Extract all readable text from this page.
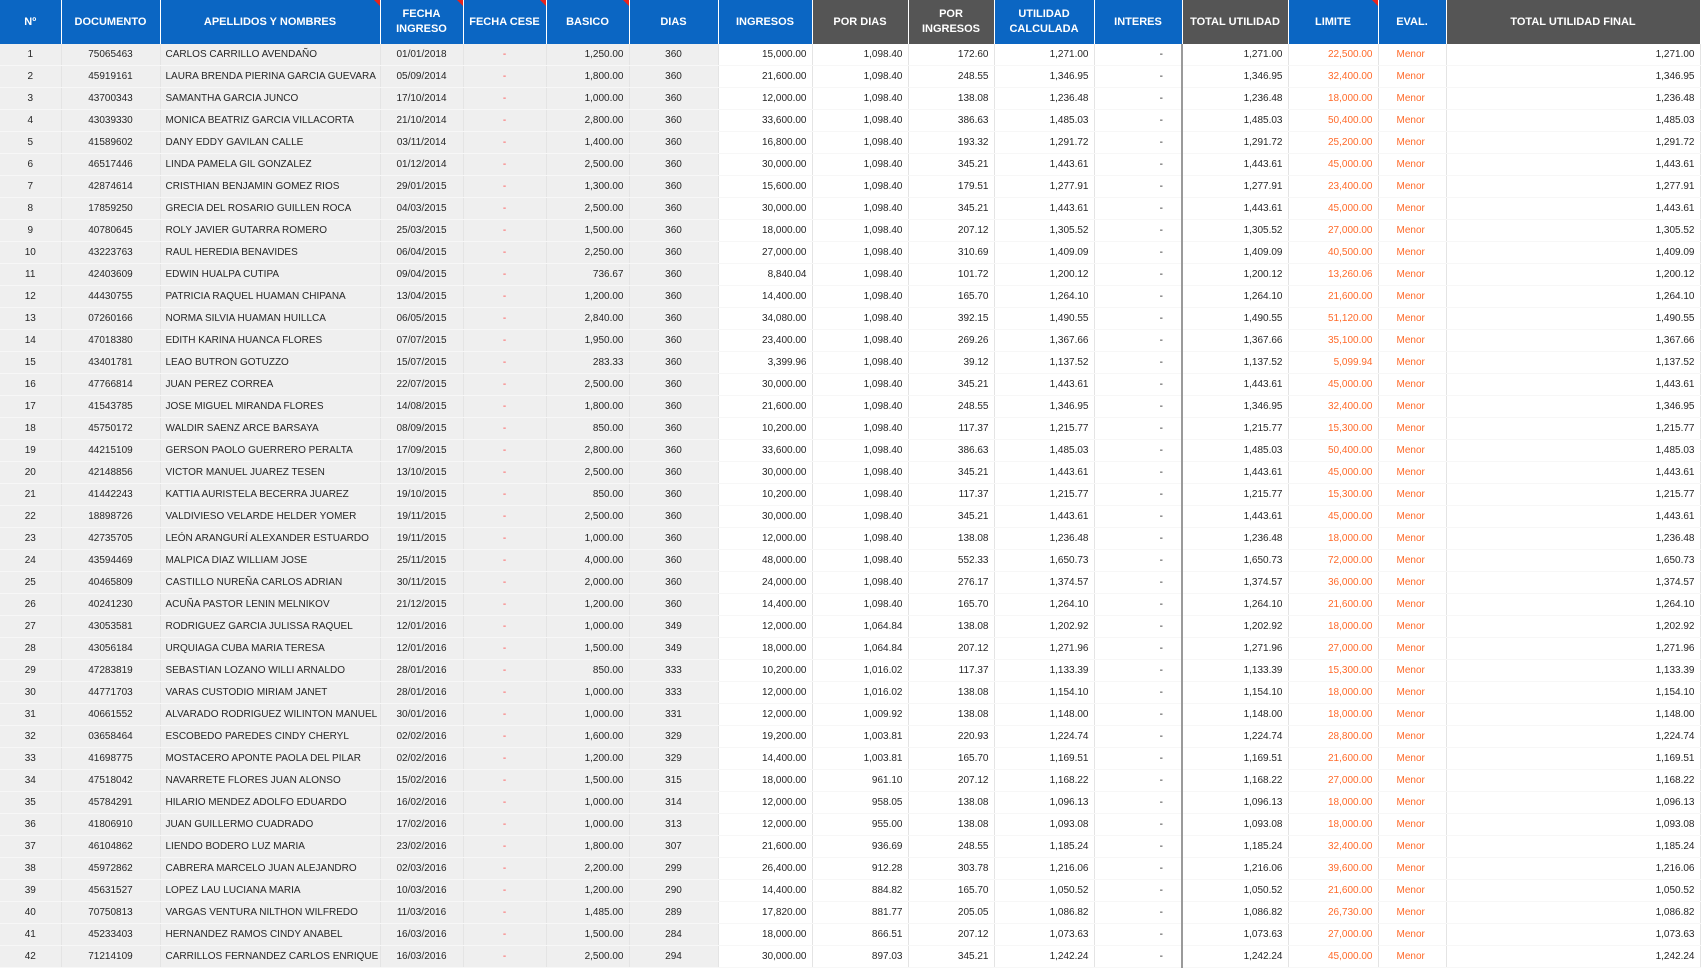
Nº	DOCUMENTO	APELLIDOS Y NOMBRES	FECHA INGRESO	FECHA CESE	BASICO	DIAS	INGRESOS	POR DIAS	POR INGRESOS	UTILIDAD CALCULADA	INTERES	TOTAL UTILIDAD	LIMITE	EVAL.	TOTAL UTILIDAD FINAL
1	75065463	CARLOS CARRILLO AVENDAÑO	01/01/2018	-	1,250.00	360	15,000.00	1,098.40	172.60	1,271.00	-	1,271.00	22,500.00	Menor	1,271.00
2	45919161	LAURA BRENDA PIERINA GARCIA GUEVARA	05/09/2014	-	1,800.00	360	21,600.00	1,098.40	248.55	1,346.95	-	1,346.95	32,400.00	Menor	1,346.95
3	43700343	SAMANTHA GARCIA JUNCO	17/10/2014	-	1,000.00	360	12,000.00	1,098.40	138.08	1,236.48	-	1,236.48	18,000.00	Menor	1,236.48
4	43039330	MONICA BEATRIZ GARCIA VILLACORTA	21/10/2014	-	2,800.00	360	33,600.00	1,098.40	386.63	1,485.03	-	1,485.03	50,400.00	Menor	1,485.03
5	41589602	DANY EDDY GAVILAN CALLE	03/11/2014	-	1,400.00	360	16,800.00	1,098.40	193.32	1,291.72	-	1,291.72	25,200.00	Menor	1,291.72
6	46517446	LINDA PAMELA GIL GONZALEZ	01/12/2014	-	2,500.00	360	30,000.00	1,098.40	345.21	1,443.61	-	1,443.61	45,000.00	Menor	1,443.61
7	42874614	CRISTHIAN BENJAMIN GOMEZ RIOS	29/01/2015	-	1,300.00	360	15,600.00	1,098.40	179.51	1,277.91	-	1,277.91	23,400.00	Menor	1,277.91
8	17859250	GRECIA DEL ROSARIO GUILLEN ROCA	04/03/2015	-	2,500.00	360	30,000.00	1,098.40	345.21	1,443.61	-	1,443.61	45,000.00	Menor	1,443.61
9	40780645	ROLY JAVIER GUTARRA ROMERO	25/03/2015	-	1,500.00	360	18,000.00	1,098.40	207.12	1,305.52	-	1,305.52	27,000.00	Menor	1,305.52
10	43223763	RAUL HEREDIA BENAVIDES	06/04/2015	-	2,250.00	360	27,000.00	1,098.40	310.69	1,409.09	-	1,409.09	40,500.00	Menor	1,409.09
11	42403609	EDWIN HUALPA CUTIPA	09/04/2015	-	736.67	360	8,840.04	1,098.40	101.72	1,200.12	-	1,200.12	13,260.06	Menor	1,200.12
12	44430755	PATRICIA RAQUEL HUAMAN CHIPANA	13/04/2015	-	1,200.00	360	14,400.00	1,098.40	165.70	1,264.10	-	1,264.10	21,600.00	Menor	1,264.10
13	07260166	NORMA SILVIA HUAMAN HUILLCA	06/05/2015	-	2,840.00	360	34,080.00	1,098.40	392.15	1,490.55	-	1,490.55	51,120.00	Menor	1,490.55
14	47018380	EDITH KARINA HUANCA FLORES	07/07/2015	-	1,950.00	360	23,400.00	1,098.40	269.26	1,367.66	-	1,367.66	35,100.00	Menor	1,367.66
15	43401781	LEAO BUTRON GOTUZZO	15/07/2015	-	283.33	360	3,399.96	1,098.40	39.12	1,137.52	-	1,137.52	5,099.94	Menor	1,137.52
16	47766814	JUAN PEREZ CORREA	22/07/2015	-	2,500.00	360	30,000.00	1,098.40	345.21	1,443.61	-	1,443.61	45,000.00	Menor	1,443.61
17	41543785	JOSE MIGUEL MIRANDA FLORES	14/08/2015	-	1,800.00	360	21,600.00	1,098.40	248.55	1,346.95	-	1,346.95	32,400.00	Menor	1,346.95
18	45750172	WALDIR SAENZ ARCE BARSAYA	08/09/2015	-	850.00	360	10,200.00	1,098.40	117.37	1,215.77	-	1,215.77	15,300.00	Menor	1,215.77
19	44215109	GERSON PAOLO GUERRERO PERALTA	17/09/2015	-	2,800.00	360	33,600.00	1,098.40	386.63	1,485.03	-	1,485.03	50,400.00	Menor	1,485.03
20	42148856	VICTOR MANUEL JUAREZ TESEN	13/10/2015	-	2,500.00	360	30,000.00	1,098.40	345.21	1,443.61	-	1,443.61	45,000.00	Menor	1,443.61
21	41442243	KATTIA AURISTELA BECERRA JUAREZ	19/10/2015	-	850.00	360	10,200.00	1,098.40	117.37	1,215.77	-	1,215.77	15,300.00	Menor	1,215.77
22	18898726	VALDIVIESO VELARDE HELDER YOMER	19/11/2015	-	2,500.00	360	30,000.00	1,098.40	345.21	1,443.61	-	1,443.61	45,000.00	Menor	1,443.61
23	42735705	LEÓN ARANGURÍ ALEXANDER ESTUARDO	19/11/2015	-	1,000.00	360	12,000.00	1,098.40	138.08	1,236.48	-	1,236.48	18,000.00	Menor	1,236.48
24	43594469	MALPICA DIAZ WILLIAM JOSE	25/11/2015	-	4,000.00	360	48,000.00	1,098.40	552.33	1,650.73	-	1,650.73	72,000.00	Menor	1,650.73
25	40465809	CASTILLO NUREÑA CARLOS ADRIAN	30/11/2015	-	2,000.00	360	24,000.00	1,098.40	276.17	1,374.57	-	1,374.57	36,000.00	Menor	1,374.57
26	40241230	ACUÑA PASTOR LENIN MELNIKOV	21/12/2015	-	1,200.00	360	14,400.00	1,098.40	165.70	1,264.10	-	1,264.10	21,600.00	Menor	1,264.10
27	43053581	RODRIGUEZ GARCIA JULISSA RAQUEL	12/01/2016	-	1,000.00	349	12,000.00	1,064.84	138.08	1,202.92	-	1,202.92	18,000.00	Menor	1,202.92
28	43056184	URQUIAGA CUBA MARIA TERESA	12/01/2016	-	1,500.00	349	18,000.00	1,064.84	207.12	1,271.96	-	1,271.96	27,000.00	Menor	1,271.96
29	47283819	SEBASTIAN LOZANO WILLI ARNALDO	28/01/2016	-	850.00	333	10,200.00	1,016.02	117.37	1,133.39	-	1,133.39	15,300.00	Menor	1,133.39
30	44771703	VARAS CUSTODIO MIRIAM JANET	28/01/2016	-	1,000.00	333	12,000.00	1,016.02	138.08	1,154.10	-	1,154.10	18,000.00	Menor	1,154.10
31	40661552	ALVARADO RODRIGUEZ WILINTON MANUEL	30/01/2016	-	1,000.00	331	12,000.00	1,009.92	138.08	1,148.00	-	1,148.00	18,000.00	Menor	1,148.00
32	03658464	ESCOBEDO PAREDES CINDY CHERYL	02/02/2016	-	1,600.00	329	19,200.00	1,003.81	220.93	1,224.74	-	1,224.74	28,800.00	Menor	1,224.74
33	41698775	MOSTACERO APONTE PAOLA DEL PILAR	02/02/2016	-	1,200.00	329	14,400.00	1,003.81	165.70	1,169.51	-	1,169.51	21,600.00	Menor	1,169.51
34	47518042	NAVARRETE FLORES JUAN ALONSO	15/02/2016	-	1,500.00	315	18,000.00	961.10	207.12	1,168.22	-	1,168.22	27,000.00	Menor	1,168.22
35	45784291	HILARIO MENDEZ ADOLFO EDUARDO	16/02/2016	-	1,000.00	314	12,000.00	958.05	138.08	1,096.13	-	1,096.13	18,000.00	Menor	1,096.13
36	41806910	JUAN GUILLERMO CUADRADO	17/02/2016	-	1,000.00	313	12,000.00	955.00	138.08	1,093.08	-	1,093.08	18,000.00	Menor	1,093.08
37	46104862	LIENDO BODERO LUZ MARIA	23/02/2016	-	1,800.00	307	21,600.00	936.69	248.55	1,185.24	-	1,185.24	32,400.00	Menor	1,185.24
38	45972862	CABRERA MARCELO JUAN ALEJANDRO	02/03/2016	-	2,200.00	299	26,400.00	912.28	303.78	1,216.06	-	1,216.06	39,600.00	Menor	1,216.06
39	45631527	LOPEZ LAU LUCIANA MARIA	10/03/2016	-	1,200.00	290	14,400.00	884.82	165.70	1,050.52	-	1,050.52	21,600.00	Menor	1,050.52
40	70750813	VARGAS VENTURA NILTHON WILFREDO	11/03/2016	-	1,485.00	289	17,820.00	881.77	205.05	1,086.82	-	1,086.82	26,730.00	Menor	1,086.82
41	45233403	HERNANDEZ RAMOS CINDY ANABEL	16/03/2016	-	1,500.00	284	18,000.00	866.51	207.12	1,073.63	-	1,073.63	27,000.00	Menor	1,073.63
42	71214109	CARRILLOS FERNANDEZ CARLOS ENRIQUE	16/03/2016	-	2,500.00	294	30,000.00	897.03	345.21	1,242.24	-	1,242.24	45,000.00	Menor	1,242.24
